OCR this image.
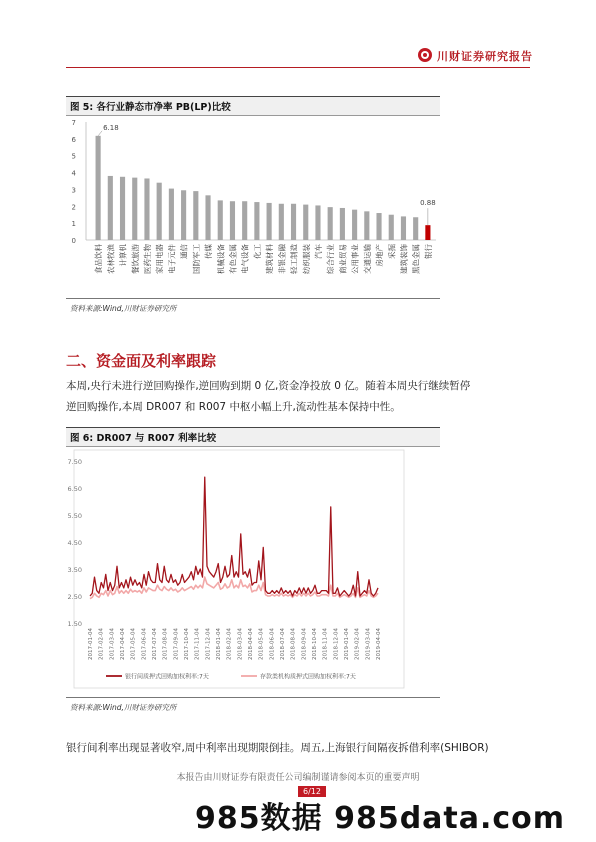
川财证券研究报告
图 5: 各行业静态市净率 PB(LP)比较
0
1
2
3
4
5
6
7
食品饮料 农林牧渔 计算机 餐饮旅游 医药生物 家用电器 电子元件 通信 国防军工 传媒 机械设备 有色金属 电气设备 化工 建筑材料 非银金融 轻工制造 纺织服装 汽车 综合行业 商业贸易 公用事业 交通运输 房地产 采掘 建筑装饰 黑色金属 银行
6.18
0.88
资料来源:Wind,川财证券研究所
二、资金面及利率跟踪
本周,央行未进行逆回购操作,逆回购到期 0 亿,资金净投放 0 亿。随着本周央行继续暂停
逆回购操作,本周 DR007 和 R007 中枢小幅上升,流动性基本保持中性。
图 6: DR007 与 R007 利率比较
1.50
2.50
3.50
4.50
5.50
6.50
7.50
2017-01-04 2017-02-04 2017-03-04 2017-04-04 2017-05-04 2017-06-04 2017-07-04 2017-08-04 2017-09-04 2017-10-04 2017-11-04 2017-12-04 2018-01-04 2018-02-04 2018-03-04 2018-04-04 2018-05-04 2018-06-04 2018-07-04 2018-08-04 2018-09-04 2018-10-04 2018-11-04 2018-12-04 2019-01-04 2019-02-04 2019-03-04 2019-04-04
银行间质押式回购加权利率:7天	存款类机构质押式回购加权利率:7天
资料来源:Wind,川财证券研究所
银行间利率出现显著收窄,周中利率出现期限倒挂。周五,上海银行间隔夜拆借利率(SHIBOR)
本报告由川财证券有限责任公司编制谨请参阅本页的重要声明
6/12
985数据 985data.com
